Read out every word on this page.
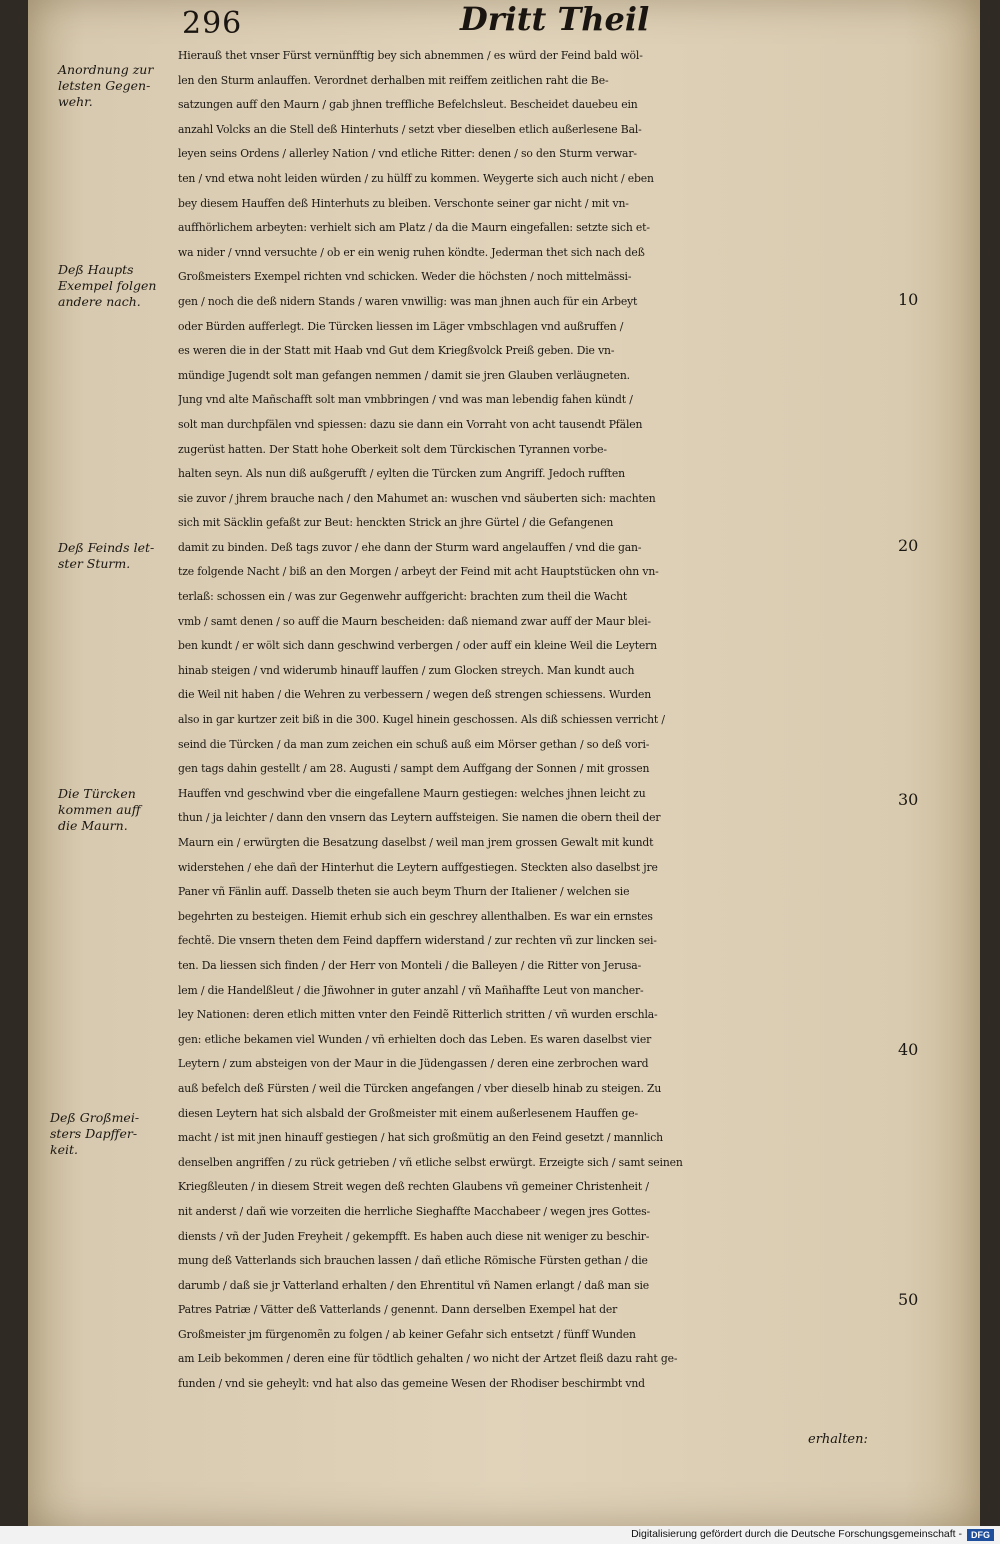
296	Dritt Theil
Hierauß thet vnser Fürst vernünfftig bey sich abnemmen / es würd der Feind bald wöl-
len den Sturm anlauffen. Verordnet derhalben mit reiffem zeitlichen raht die Be-
satzungen auff den Maurn / gab jhnen treffliche Befelchsleut. Bescheidet dauebeu ein
anzahl Volcks an die Stell deß Hinterhuts / setzt vber dieselben etlich außerlesene Bal-
leyen seins Ordens / allerley Nation / vnd etliche Ritter: denen / so den Sturm verwar-
ten / vnd etwa noht leiden würden / zu hülff zu kommen. Weygerte sich auch nicht / eben
bey diesem Hauffen deß Hinterhuts zu bleiben. Verschonte seiner gar nicht / mit vn-
auffhörlichem arbeyten: verhielt sich am Platz / da die Maurn eingefallen: setzte sich et-
wa nider / vnnd versuchte / ob er ein wenig ruhen köndte. Jederman thet sich nach deß
Großmeisters Exempel richten vnd schicken. Weder die höchsten / noch mittelmässi-
gen / noch die deß nidern Stands / waren vnwillig: was man jhnen auch für ein Arbeyt
oder Bürden aufferlegt. Die Türcken liessen im Läger vmbschlagen vnd außruffen /
es weren die in der Statt mit Haab vnd Gut dem Kriegßvolck Preiß geben. Die vn-
mündige Jugendt solt man gefangen nemmen / damit sie jren Glauben verläugneten.
Jung vnd alte Mañschafft solt man vmbbringen / vnd was man lebendig fahen kündt /
solt man durchpfälen vnd spiessen: dazu sie dann ein Vorraht von acht tausendt Pfälen
zugerüst hatten. Der Statt hohe Oberkeit solt dem Türckischen Tyrannen vorbe-
halten seyn. Als nun diß außgerufft / eylten die Türcken zum Angriff. Jedoch rufften
sie zuvor / jhrem brauche nach / den Mahumet an: wuschen vnd säuberten sich: machten
sich mit Säcklin gefaßt zur Beut: henckten Strick an jhre Gürtel / die Gefangenen
damit zu binden. Deß tags zuvor / ehe dann der Sturm ward angelauffen / vnd die gan-
tze folgende Nacht / biß an den Morgen / arbeyt der Feind mit acht Hauptstücken ohn vn-
terlaß: schossen ein / was zur Gegenwehr auffgericht: brachten zum theil die Wacht
vmb / samt denen / so auff die Maurn bescheiden: daß niemand zwar auff der Maur blei-
ben kundt / er wölt sich dann geschwind verbergen / oder auff ein kleine Weil die Leytern
hinab steigen / vnd widerumb hinauff lauffen / zum Glocken streych. Man kundt auch
die Weil nit haben / die Wehren zu verbessern / wegen deß strengen schiessens. Wurden
also in gar kurtzer zeit biß in die 300. Kugel hinein geschossen. Als diß schiessen verricht /
seind die Türcken / da man zum zeichen ein schuß auß eim Mörser gethan / so deß vori-
gen tags dahin gestellt / am 28. Augusti / sampt dem Auffgang der Sonnen / mit grossen
Hauffen vnd geschwind vber die eingefallene Maurn gestiegen: welches jhnen leicht zu
thun / ja leichter / dann den vnsern das Leytern auffsteigen. Sie namen die obern theil der
Maurn ein / erwürgten die Besatzung daselbst / weil man jrem grossen Gewalt mit kundt
widerstehen / ehe dañ der Hinterhut die Leytern auffgestiegen. Steckten also daselbst jre
Paner vñ Fänlin auff. Dasselb theten sie auch beym Thurn der Italiener / welchen sie
begehrten zu besteigen. Hiemit erhub sich ein geschrey allenthalben. Es war ein ernstes
fechtẽ. Die vnsern theten dem Feind dapffern widerstand / zur rechten vñ zur lincken sei-
ten. Da liessen sich finden / der Herr von Monteli / die Balleyen / die Ritter von Jerusa-
lem / die Handelßleut / die Jñwohner in guter anzahl / vñ Mañhaffte Leut von mancher-
ley Nationen: deren etlich mitten vnter den Feindẽ Ritterlich stritten / vñ wurden erschla-
gen: etliche bekamen viel Wunden / vñ erhielten doch das Leben. Es waren daselbst vier
Leytern / zum absteigen von der Maur in die Jüdengassen / deren eine zerbrochen ward
auß befelch deß Fürsten / weil die Türcken angefangen / vber dieselb hinab zu steigen. Zu
diesen Leytern hat sich alsbald der Großmeister mit einem außerlesenem Hauffen ge-
macht / ist mit jnen hinauff gestiegen / hat sich großmütig an den Feind gesetzt / mannlich
denselben angriffen / zu rück getrieben / vñ etliche selbst erwürgt. Erzeigte sich / samt seinen
Kriegßleuten / in diesem Streit wegen deß rechten Glaubens vñ gemeiner Christenheit /
nit anderst / dañ wie vorzeiten die herrliche Sieghaffte Macchabeer / wegen jres Gottes-
diensts / vñ der Juden Freyheit / gekempfft. Es haben auch diese nit weniger zu beschir-
mung deß Vatterlands sich brauchen lassen / dañ etliche Römische Fürsten gethan / die
darumb / daß sie jr Vatterland erhalten / den Ehrentitul vñ Namen erlangt / daß man sie
Patres Patriæ / Vätter deß Vatterlands / genennt. Dann derselben Exempel hat der
Großmeister jm fürgenomẽn zu folgen / ab keiner Gefahr sich entsetzt / fünff Wunden
am Leib bekommen / deren eine für tödtlich gehalten / wo nicht der Artzet fleiß dazu raht ge-
funden / vnd sie geheylt: vnd hat also das gemeine Wesen der Rhodiser beschirmbt vnd
Anordnung zur
letsten Gegen-
wehr.
Deß Haupts
Exempel folgen
andere nach.
Deß Feinds let-
ster Sturm.
Die Türcken
kommen auff
die Maurn.
Deß Großmei-
sters Dapffer-
keit.
10
20
30
40
50
erhalten:
Digitalisierung gefördert durch die Deutsche Forschungsgemeinschaft -	DFG
